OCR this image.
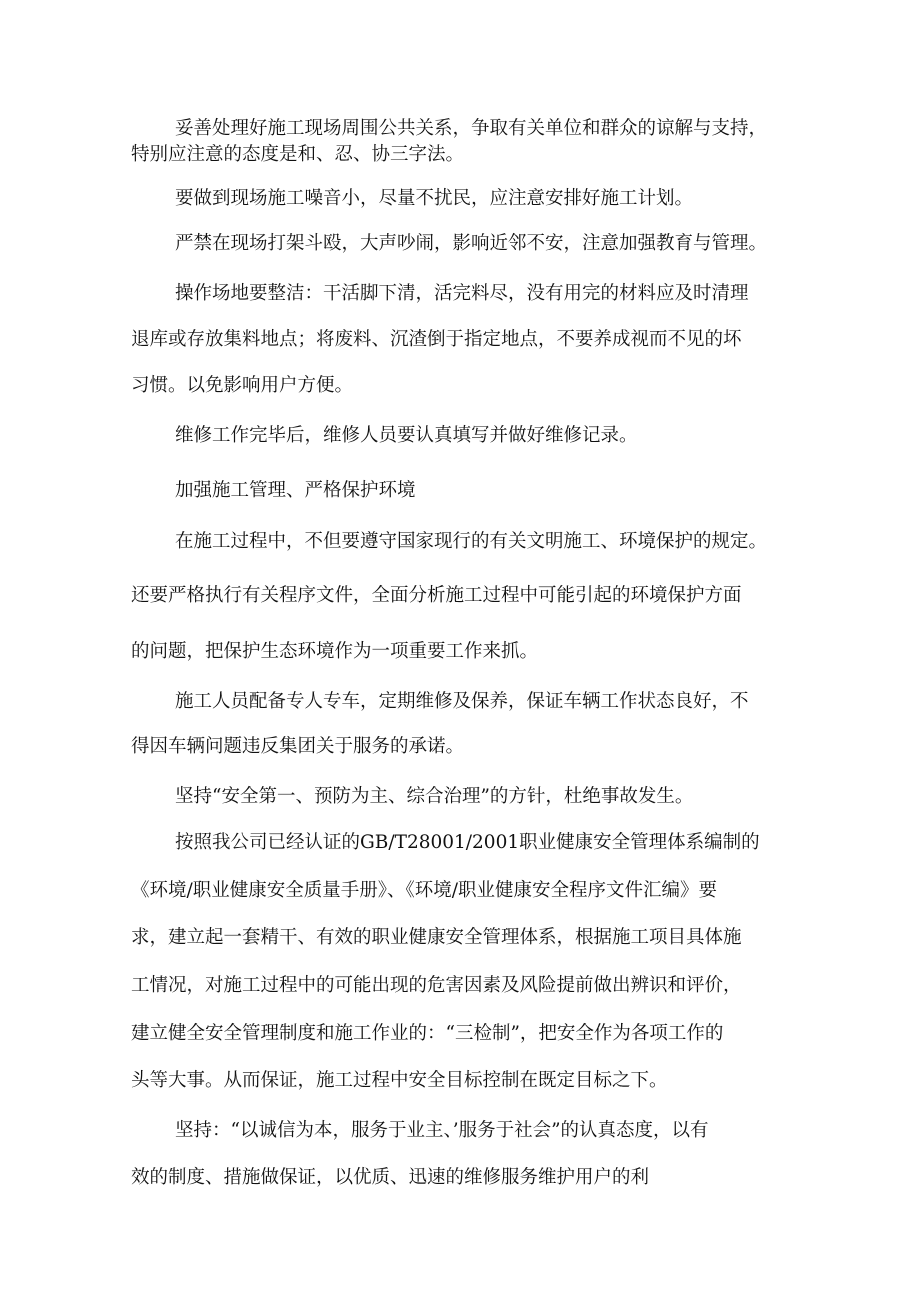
妥善处理好施工现场周围公共关系，争取有关单位和群众的谅解与支持，
特别应注意的态度是和、忍、协三字法。
要做到现场施工噪音小，尽量不扰民，应注意安排好施工计划。
严禁在现场打架斗殴，大声吵闹，影响近邻不安，注意加强教育与管理。
操作场地要整洁：干活脚下清，活完料尽，没有用完的材料应及时清理
退库或存放集料地点；将废料、沉渣倒于指定地点，不要养成视而不见的坏
习惯。以免影响用户方便。
维修工作完毕后，维修人员要认真填写并做好维修记录。
加强施工管理、严格保护环境
在施工过程中，不但要遵守国家现行的有关文明施工、环境保护的规定。
还要严格执行有关程序文件，全面分析施工过程中可能引起的环境保护方面
的问题，把保护生态环境作为一项重要工作来抓。
施工人员配备专人专车，定期维修及保养，保证车辆工作状态良好，不
得因车辆问题违反集团关于服务的承诺。
坚持“安全第一、预防为主、综合治理”的方针，杜绝事故发生。
按照我公司已经认证的GB/T28001/2001职业健康安全管理体系编制的
《环境/职业健康安全质量手册》、《环境/职业健康安全程序文件汇编》要
求，建立起一套精干、有效的职业健康安全管理体系，根据施工项目具体施
工情况，对施工过程中的可能出现的危害因素及风险提前做出辨识和评价，
建立健全安全管理制度和施工作业的：“三检制”，把安全作为各项工作的
头等大事。从而保证，施工过程中安全目标控制在既定目标之下。
坚持：“以诚信为本，服务于业主、’服务于社会”的认真态度，以有
效的制度、措施做保证，以优质、迅速的维修服务维护用户的利
